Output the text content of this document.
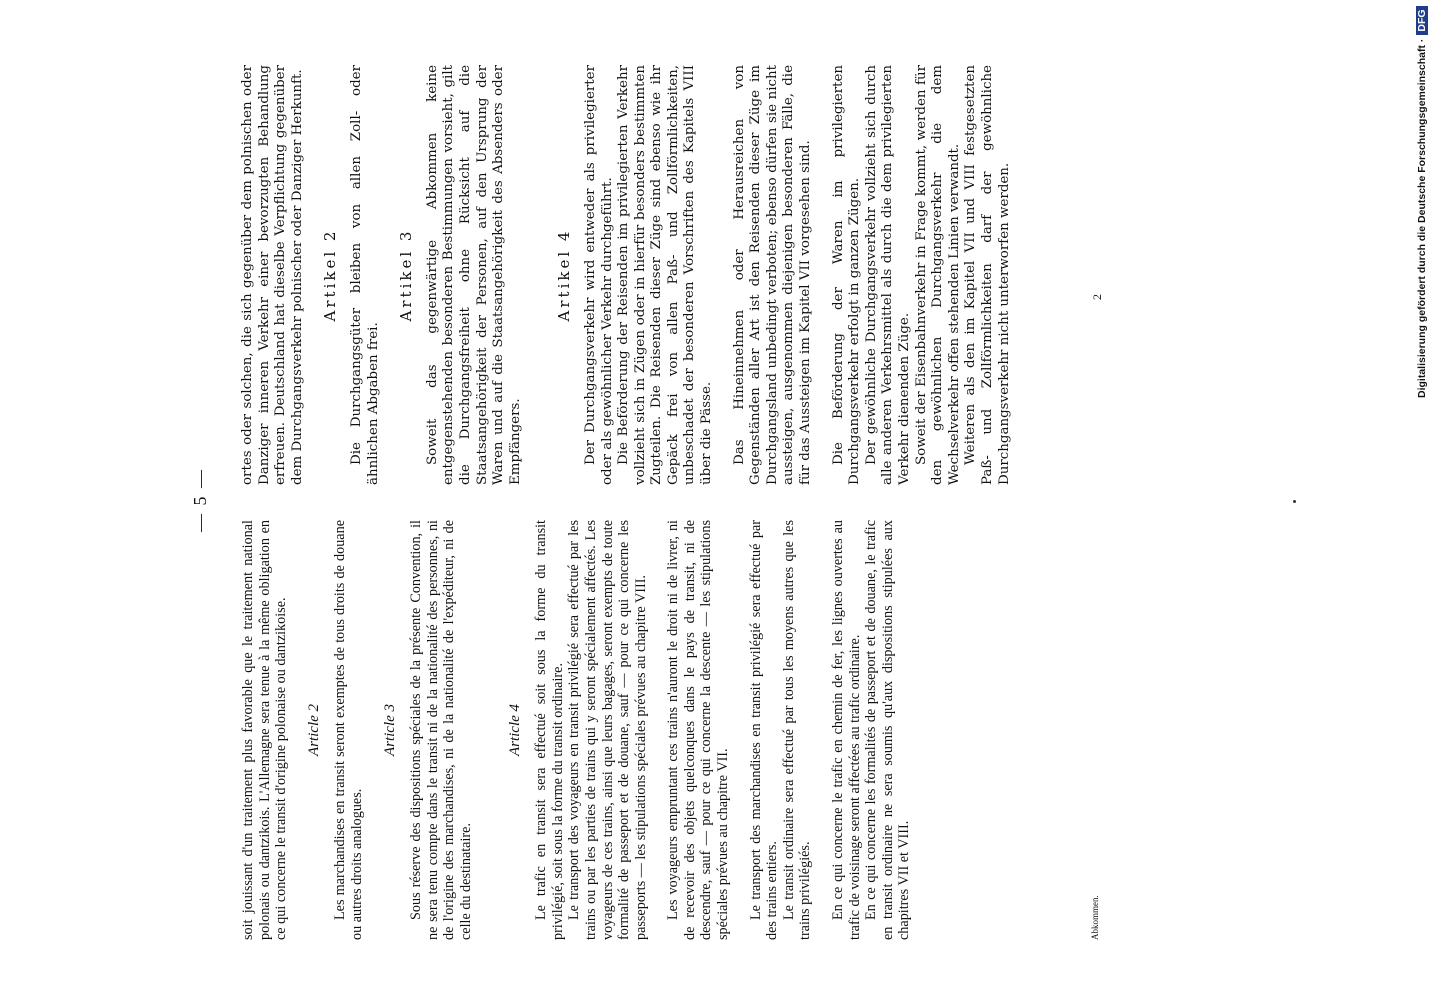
— 5 —

soit jouissant d'un traitement plus favorable que le traitement national polonais ou dantzikois. L'Allemagne sera tenue à la même obligation en ce qui concerne le transit d'origine polonaise ou dantzikoise. Article 2 Les marchandises en transit seront exemptes de tous droits de douane ou autres droits analogues.

Article 3 Sous réserve des dispositions spéciales de la présente Convention, il ne sera tenu compte dans le transit ni de la nationalité des personnes, ni de l'origine des marchandises, ni de la nationalité de l'expéditeur, ni de celle du destinataire.

Article 4 Le trafic en transit sera effectué soit sous la forme du transit privilégié, soit sous la forme du transit ordinaire. Le transport des voyageurs en transit privilégié sera effectué par les trains ou par les parties de trains qui y seront spécialement affectés. Les voyageurs de ces trains, ainsi que leurs bagages, seront exempts de toute formalité de passeport et de douane, sauf — pour ce qui concerne les passeports — les stipulations spéciales prévues au chapitre VIII. Les voyageurs empruntant ces trains n'auront le droit ni de livrer, ni de recevoir des objets quelconques dans le pays de transit, ni de descendre, sauf — pour ce qui concerne la descente — les stipulations spéciales prévues au chapitre VII. Le transport des marchandises en transit privilégié sera effectué par des trains entiers. Le transit ordinaire sera effectué par tous les moyens autres que les trains privilégiés. En ce qui concerne le trafic en chemin de fer, les lignes ouvertes au trafic de voisinage seront affectées au trafic ordinaire. En ce qui concerne les formalités de passeport et de douane, le trafic en transit ordinaire ne sera soumis qu'aux dispositions stipulées aux chapitres VII et VIII.

ortes oder solchen, die sich gegenüber dem polnischen oder Danziger inneren Verkehr einer bevorzugten Behandlung erfreuen. Deutschland hat dieselbe Verpflichtung gegenüber dem Durchgangsverkehr polnischer oder Danziger Herkunft. Artikel 2 Die Durchgangsgüter bleiben von allen Zoll- oder ähnlichen Abgaben frei.

Artikel 3 Soweit das gegenwärtige Abkommen keine entgegenstehenden besonderen Bestimmungen vorsieht, gilt die Durchgangsfreiheit ohne Rücksicht auf die Staatsangehörigkeit der Personen, auf den Ursprung der Waren und auf die Staatsangehörigkeit des Absenders oder Empfängers.

Artikel 4 Der Durchgangsverkehr wird entweder als privilegierter oder als gewöhnlicher Verkehr durchgeführt. Die Beförderung der Reisenden im privilegierten Verkehr vollzieht sich in Zügen oder in hierfür besonders bestimmten Zugteilen. Die Reisenden dieser Züge sind ebenso wie ihr Gepäck frei von allen Paß- und Zollförmlichkeiten, unbeschadet der besonderen Vorschriften des Kapitels VIII über die Pässe. Das Hineinnehmen oder Herausreichen von Gegenständen aller Art ist den Reisenden dieser Züge im Durchgangsland unbedingt verboten; ebenso dürfen sie nicht aussteigen, ausgenommen diejenigen besonderen Fälle, die für das Aussteigen im Kapitel VII vorgesehen sind. Die Beförderung der Waren im privilegierten Durchgangsverkehr erfolgt in ganzen Zügen. Der gewöhnliche Durchgangsverkehr vollzieht sich durch alle anderen Verkehrsmittel als durch die dem privilegierten Verkehr dienenden Züge. Soweit der Eisenbahnverkehr in Frage kommt, werden für den gewöhnlichen Durchgangsverkehr die dem Wechselverkehr offen stehenden Linien verwandt. Weiteren als den im Kapitel VII und VIII festgesetzten Paß- und Zollförmlichkeiten darf der gewöhnliche Durchgangsverkehr nicht unterworfen werden.

Abkommen.
2	Digitalisierung gefördert durch die Deutsche Forschungsgemeinschaft ·DFG
